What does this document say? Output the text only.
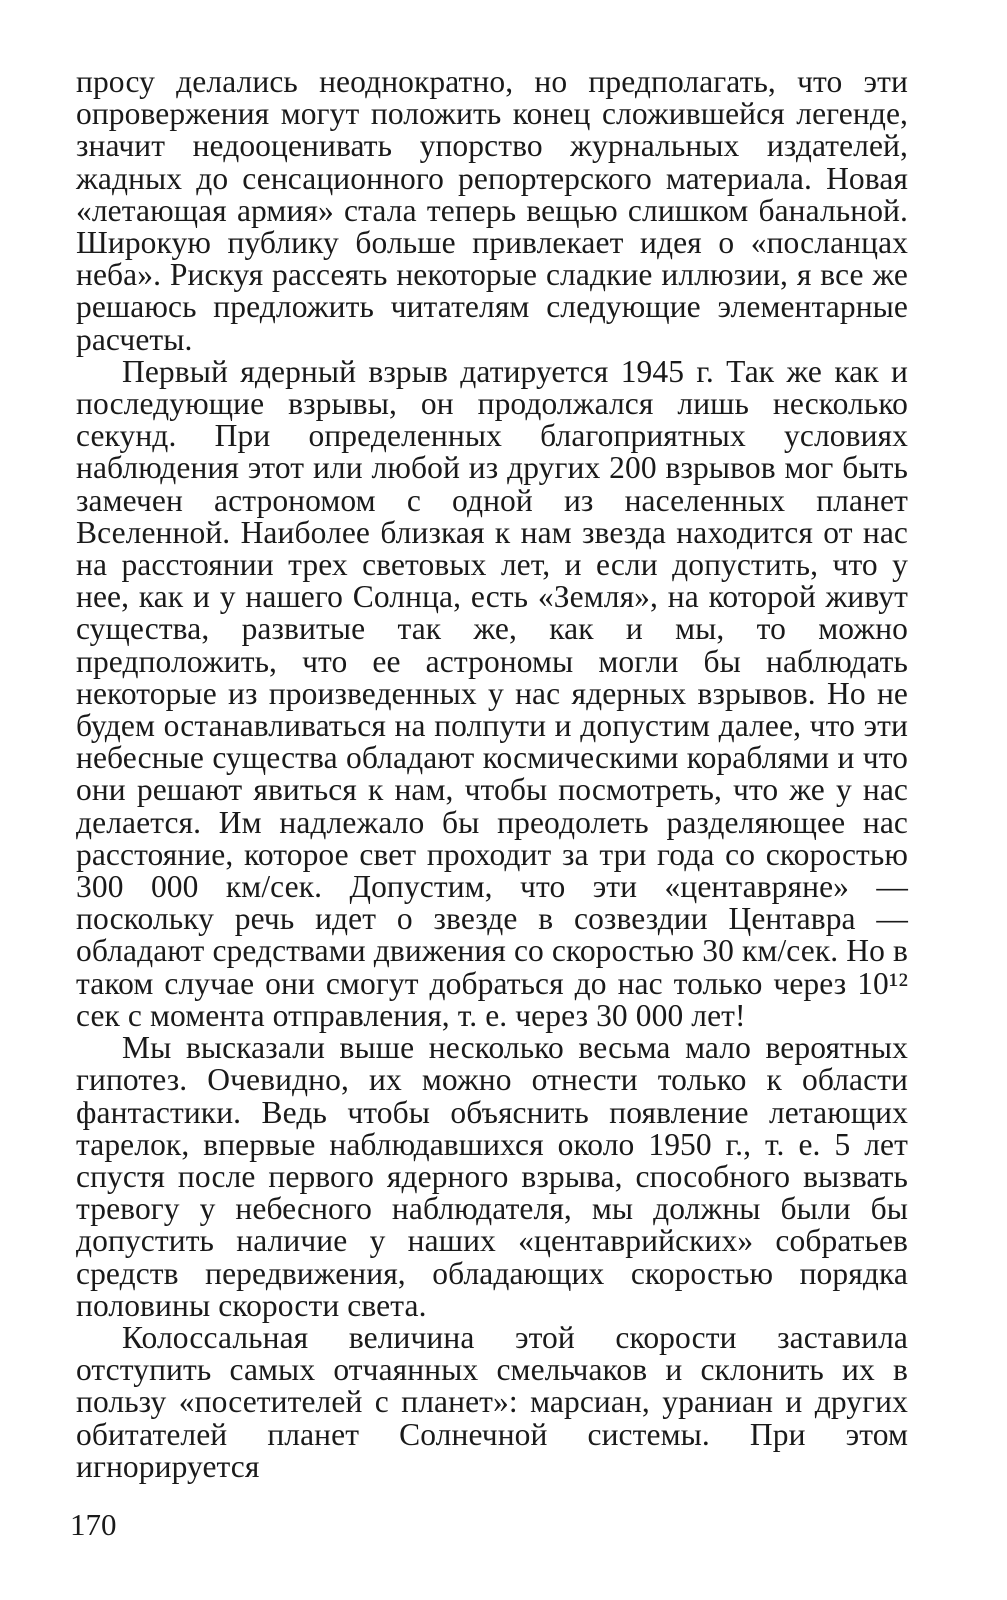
просу делались неоднократно, но предполагать, что эти опровержения могут положить конец сложившейся легенде, значит недооценивать упорство журнальных издателей, жадных до сенсационного репортерского материала. Новая «летающая армия» стала теперь вещью слишком банальной. Широкую публику больше привлекает идея о «посланцах неба». Рискуя рассеять некоторые сладкие иллюзии, я все же решаюсь предложить читателям следующие элементарные расчеты.

Первый ядерный взрыв датируется 1945 г. Так же как и последующие взрывы, он продолжался лишь несколько секунд. При определенных благоприятных условиях наблюдения этот или любой из других 200 взрывов мог быть замечен астрономом с одной из населенных планет Вселенной. Наиболее близкая к нам звезда находится от нас на расстоянии трех световых лет, и если допустить, что у нее, как и у нашего Солнца, есть «Земля», на которой живут существа, развитые так же, как и мы, то можно предположить, что ее астрономы могли бы наблюдать некоторые из произведенных у нас ядерных взрывов. Но не будем останавливаться на полпути и допустим далее, что эти небесные существа обладают космическими кораблями и что они решают явиться к нам, чтобы посмотреть, что же у нас делается. Им надлежало бы преодолеть разделяющее нас расстояние, которое свет проходит за три года со скоростью 300 000 км/сек. Допустим, что эти «центавряне» — поскольку речь идет о звезде в созвездии Центавра — обладают средствами движения со скоростью 30 км/сек. Но в таком случае они смогут добраться до нас только через 10¹² сек с момента отправления, т. е. через 30 000 лет!

Мы высказали выше несколько весьма мало вероятных гипотез. Очевидно, их можно отнести только к области фантастики. Ведь чтобы объяснить появление летающих тарелок, впервые наблюдавшихся около 1950 г., т. е. 5 лет спустя после первого ядерного взрыва, способного вызвать тревогу у небесного наблюдателя, мы должны были бы допустить наличие у наших «центаврийских» собратьев средств передвижения, обладающих скоростью порядка половины скорости света.

Колоссальная величина этой скорости заставила отступить самых отчаянных смельчаков и склонить их в пользу «посетителей с планет»: марсиан, ураниан и других обитателей планет Солнечной системы. При этом игнорируется

170
